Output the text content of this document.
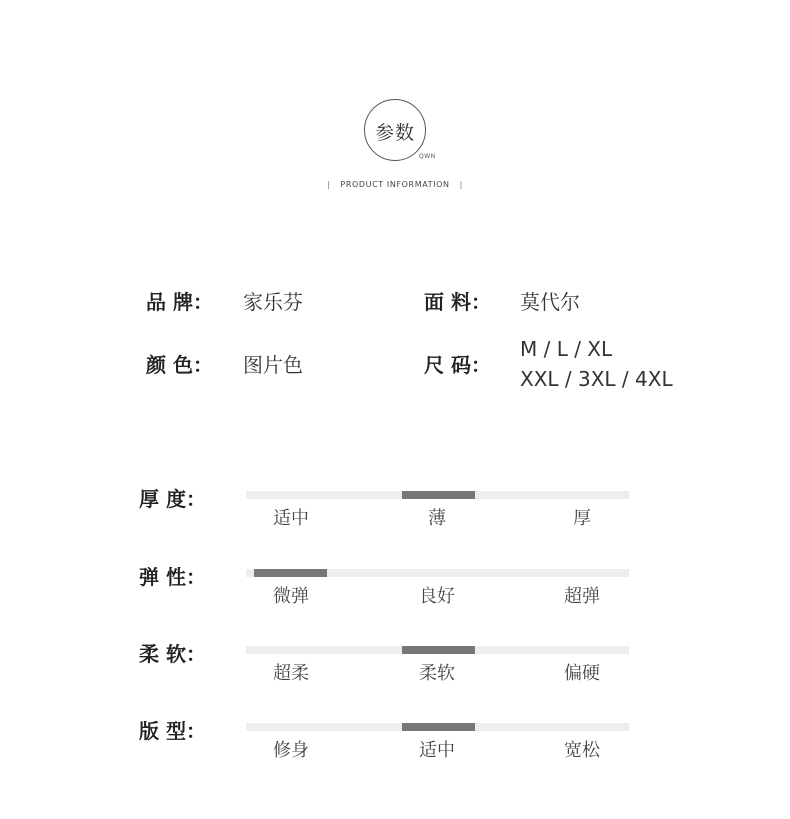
参数
QWN
| PRODUCT INFORMATION |
品 牌： 家乐芬	面 料： 莫代尔
颜 色： 图片色	尺 码：
M / L / XL
XXL / 3XL / 4XL
厚 度：
适中	薄	厚
弹 性：
微弹	良好	超弹
柔 软：
超柔	柔软	偏硬
版 型：
修身	适中	宽松
